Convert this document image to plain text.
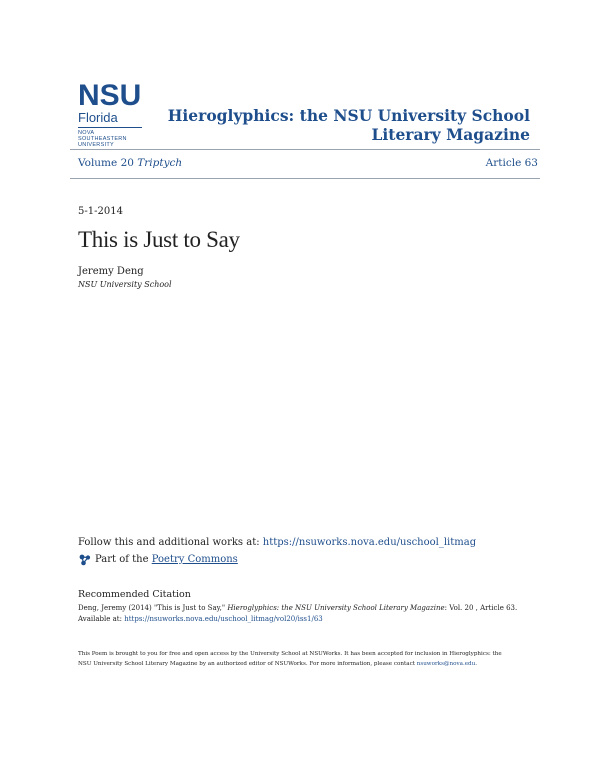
NSU
Florida
NOVA SOUTHEASTERN
UNIVERSITY
Hieroglyphics: the NSU University School Literary Magazine
Volume 20 Triptych	Article 63
5-1-2014
This is Just to Say
Jeremy Deng
NSU University School
Follow this and additional works at: https://nsuworks.nova.edu/uschool_litmag
Part of the
Poetry Commons
Recommended Citation
Deng, Jeremy (2014) "This is Just to Say," Hieroglyphics: the NSU University School Literary Magazine: Vol. 20 , Article 63.
Available at: https://nsuworks.nova.edu/uschool_litmag/vol20/iss1/63
This Poem is brought to you for free and open access by the University School at NSUWorks. It has been accepted for inclusion in Hieroglyphics: the
NSU University School Literary Magazine by an authorized editor of NSUWorks. For more information, please contact nsuworks@nova.edu.
